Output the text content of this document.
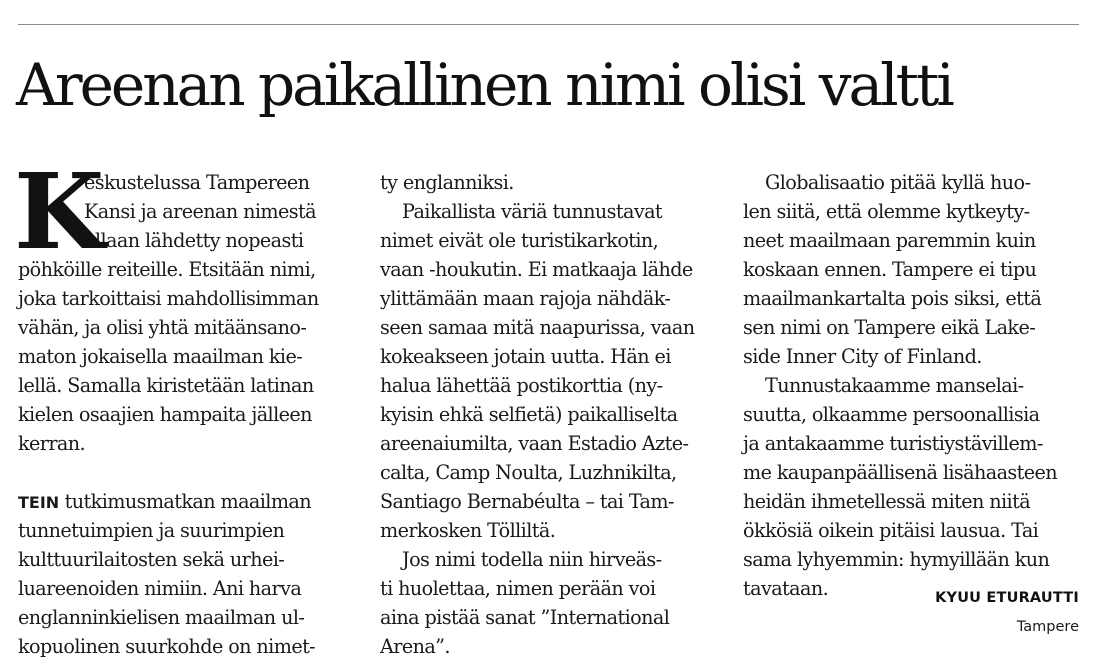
Areenan paikallinen nimi olisi valtti
K
eskustelussa Tampereen
Kansi ja areenan nimestä
ollaan lähdetty nopeasti
pöhköille reiteille. Etsitään nimi,
joka tarkoittaisi mahdollisimman
vähän, ja olisi yhtä mitäänsano-
maton jokaisella maailman kie-
lellä. Samalla kiristetään latinan
kielen osaajien hampaita jälleen
kerran.
TEIN tutkimusmatkan maailman
tunnetuimpien ja suurimpien
kulttuurilaitosten sekä urhei-
luareenoiden nimiin. Ani harva
englanninkielisen maailman ul-
kopuolinen suurkohde on nimet-
ty englanniksi.
Paikallista väriä tunnustavat
nimet eivät ole turistikarkotin,
vaan -houkutin. Ei matkaaja lähde
ylittämään maan rajoja nähdäk-
seen samaa mitä naapurissa, vaan
kokeakseen jotain uutta. Hän ei
halua lähettää postikorttia (ny-
kyisin ehkä selfietä) paikalliselta
areenaiumilta, vaan Estadio Azte-
calta, Camp Noulta, Luzhnikilta,
Santiago Bernabéulta – tai Tam-
merkosken Tölliltä.
Jos nimi todella niin hirveäs-
ti huolettaa, nimen perään voi
aina pistää sanat ”International
Arena”.
Globalisaatio pitää kyllä huo-
len siitä, että olemme kytkeyty-
neet maailmaan paremmin kuin
koskaan ennen. Tampere ei tipu
maailmankartalta pois siksi, että
sen nimi on Tampere eikä Lake-
side Inner City of Finland.
Tunnustakaamme manselai-
suutta, olkaamme persoonallisia
ja antakaamme turistiystävillem-
me kaupanpäällisenä lisähaasteen
heidän ihmetellessä miten niitä
ökkösiä oikein pitäisi lausua. Tai
sama lyhyemmin: hymyillään kun
tavataan.	KYUU ETURAUTTI
Tampere
